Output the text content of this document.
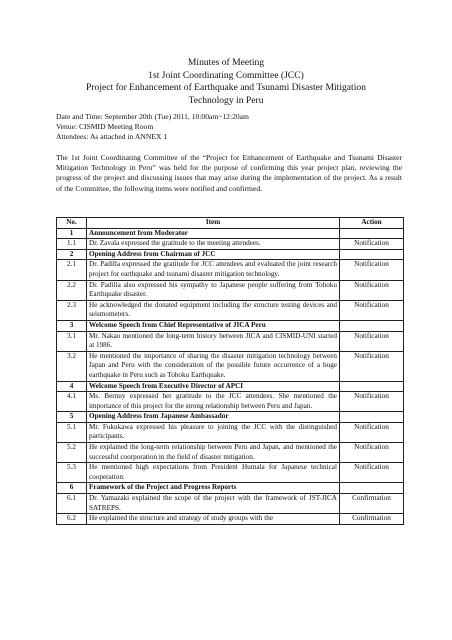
Minutes of Meeting
1st Joint Coordinating Committee (JCC)
Project for Enhancement of Earthquake and Tsunami Disaster Mitigation
Technology in Peru
Date and Time: September 20th (Tue) 2011, 10:00am~12:20am
Venue: CISMID Meeting Room
Attendees: As attached in ANNEX 1
The 1st Joint Coordinating Committee of the “Project for Enhancement of Earthquake and Tsunami Disaster Mitigation Technology in Peru” was held for the purpose of confirming this year project plan, reviewing the progress of the project and discussing issues that may arise during the implementation of the project. As a result of the Committee, the following items were notified and confirmed.
No.	Item	Action
1	Announcement from Moderator	
1.1	Dr. Zavala expressed the gratitude to the meeting attendees.	Notification
2	Opening Address from Chairman of JCC	
2.1	Dr. Padilla expressed the gratitude for JCC attendees and evaluated the joint research project for earthquake and tsunami disaster mitigation technology.	Notification
2.2	Dr. Padilla also expressed his sympathy to Japanese people suffering from Tohoku Earthquake disaster.	Notification
2.3	He acknowledged the donated equipment including the structure testing devices and seismometers.	Notification
3	Welcome Speech from Chief Representative of JICA Peru	
3.1	Mr. Nakao mentioned the long-term history between JICA and CISMID-UNI started at 1986.	Notification
3.2	He mentioned the importance of sharing the disaster mitigation technology between Japan and Peru with the consideration of the possible future occurrence of a huge earthquake in Peru such as Tohoku Earthquake.	Notification
4	Welcome Speech from Executive Director of APCI	
4.1	Ms. Bernuy expressed her gratitude to the JCC attendees. She mentioned the importance of this project for the strong relationship between Peru and Japan.	Notification
5	Opening Address from Japanese Ambassador	
5.1	Mr. Fukukawa expressed his pleasure to joining the JCC with the distinguished participants.	Notification
5.2	He explained the long-term relationship between Peru and Japan, and mentioned the successful coorporation in the field of disaster mitigation.	Notification
5.3	He mentioned high expectations from President Humala for Japanese technical cooperation.	Notification
6	Framework of the Project and Progress Reports	
6.1	Dr. Yamazaki explained the scope of the project with the framework of JST-JICA SATREPS.	Confirmation
6.2	He explained the structure and strategy of study groups with the	Confirmation
